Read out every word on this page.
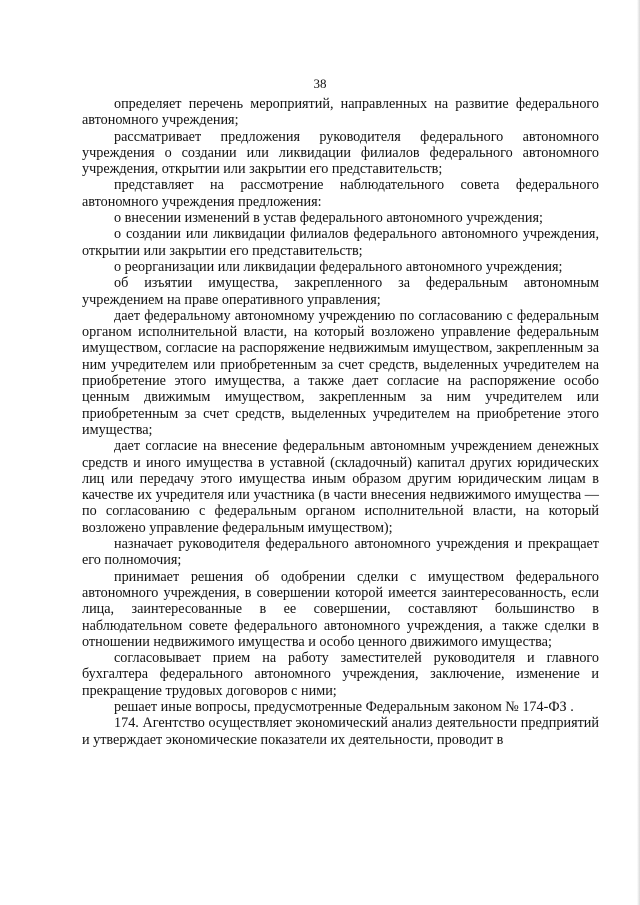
38

определяет перечень мероприятий, направленных на развитие федерального автономного учреждения;

рассматривает предложения руководителя федерального автономного учреждения о создании или ликвидации филиалов федерального автономного учреждения, открытии или закрытии его представительств;

представляет на рассмотрение наблюдательного совета федерального автономного учреждения предложения:

о внесении изменений в устав федерального автономного учреждения;

о создании или ликвидации филиалов федерального автономного учреждения, открытии или закрытии его представительств;

о реорганизации или ликвидации федерального автономного учреждения;

об изъятии имущества, закрепленного за федеральным автономным учреждением на праве оперативного управления;

дает федеральному автономному учреждению по согласованию с федеральным органом исполнительной власти, на который возложено управление федеральным имуществом, согласие на распоряжение недвижимым имуществом, закрепленным за ним учредителем или приобретенным за счет средств, выделенных учредителем на приобретение этого имущества, а также дает согласие на распоряжение особо ценным движимым имуществом, закрепленным за ним учредителем или приобретенным за счет средств, выделенных учредителем на приобретение этого имущества;

дает согласие на внесение федеральным автономным учреждением денежных средств и иного имущества в уставной (складочный) капитал других юридических лиц или передачу этого имущества иным образом другим юридическим лицам в качестве их учредителя или участника (в части внесения недвижимого имущества — по согласованию с федеральным органом исполнительной власти, на который возложено управление федеральным имуществом);

назначает руководителя федерального автономного учреждения и прекращает его полномочия;

принимает решения об одобрении сделки с имуществом федерального автономного учреждения, в совершении которой имеется заинтересованность, если лица, заинтересованные в ее совершении, составляют большинство в наблюдательном совете федерального автономного учреждения, а также сделки в отношении недвижимого имущества и особо ценного движимого имущества;

согласовывает прием на работу заместителей руководителя и главного бухгалтера федерального автономного учреждения, заключение, изменение и прекращение трудовых договоров с ними;

решает иные вопросы, предусмотренные Федеральным законом № 174-ФЗ .

174. Агентство осуществляет экономический анализ деятельности предприятий и утверждает экономические показатели их деятельности, проводит в
